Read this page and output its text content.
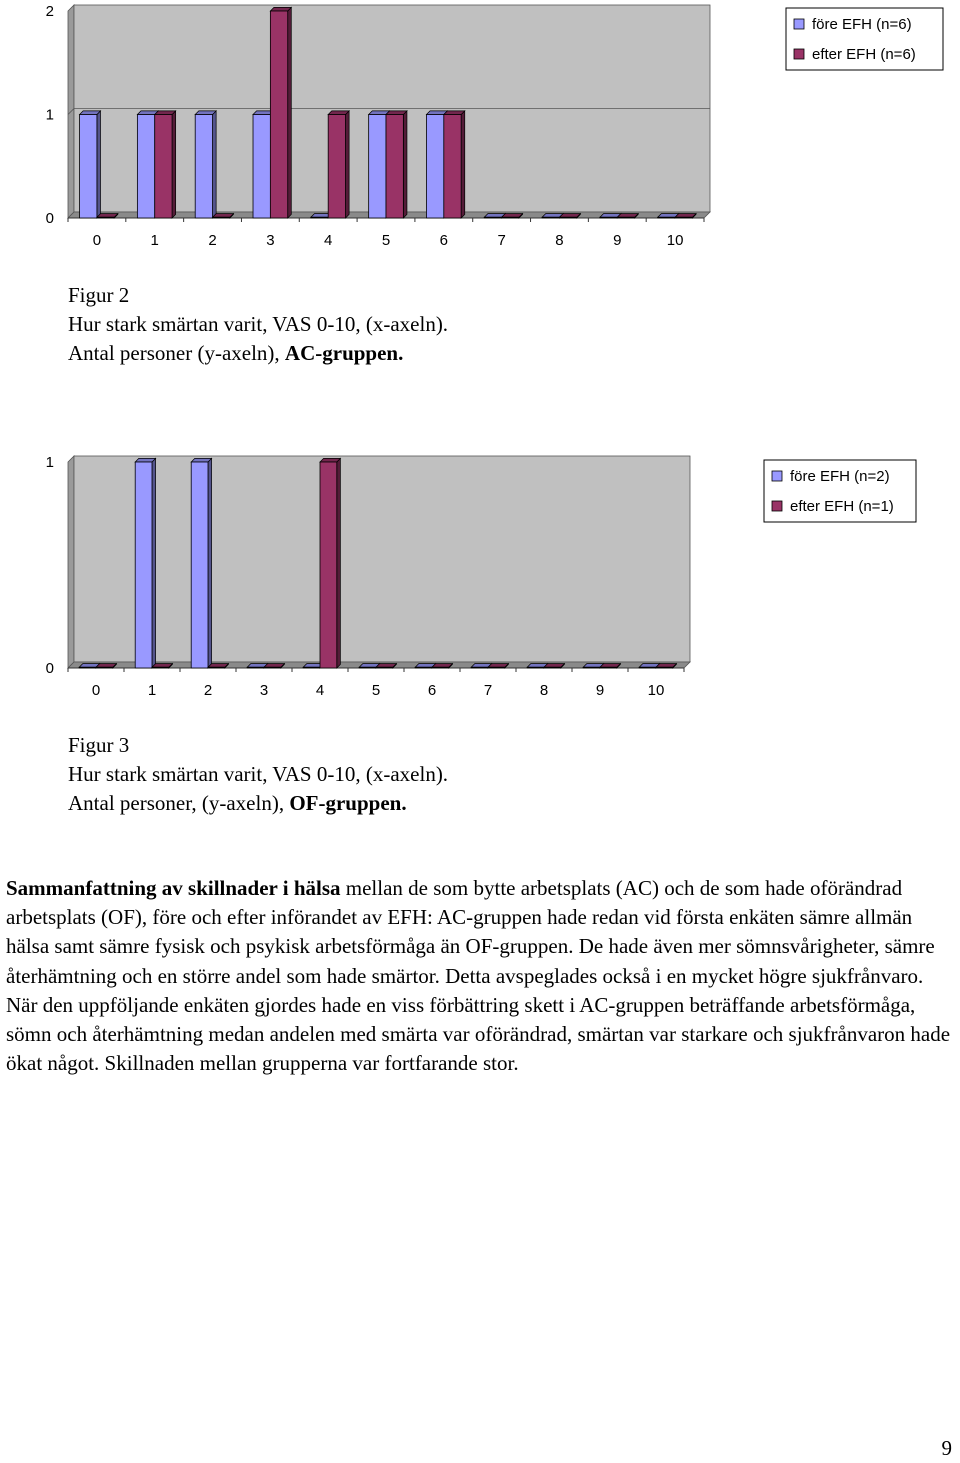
0
1
2
0	1	2	3	4	5	6	7	8	9	10
före EFH (n=6)
efter EFH (n=6)

Figur 2
Hur stark smärtan varit, VAS 0-10, (x-axeln).
Antal personer (y-axeln), AC-gruppen.

0
1
0	1	2	3	4	5	6	7	8	9	10
före EFH (n=2)
efter EFH (n=1)

Figur 3
Hur stark smärtan varit, VAS 0-10, (x-axeln).
Antal personer, (y-axeln), OF-gruppen.

Sammanfattning av skillnader i hälsa mellan de som bytte arbetsplats (AC) och de som hade oförändrad arbetsplats (OF), före och efter införandet av EFH: AC-gruppen hade redan vid första enkäten sämre allmän hälsa samt sämre fysisk och psykisk arbetsförmåga än OF-gruppen. De hade även mer sömnsvårigheter, sämre återhämtning och en större andel som hade smärtor. Detta avspeglades också i en mycket högre sjukfrånvaro. När den uppföljande enkäten gjordes hade en viss förbättring skett i AC-gruppen beträffande arbetsförmåga, sömn och återhämtning medan andelen med smärta var oförändrad, smärtan var starkare och sjukfrånvaron hade ökat något. Skillnaden mellan grupperna var fortfarande stor.

9
